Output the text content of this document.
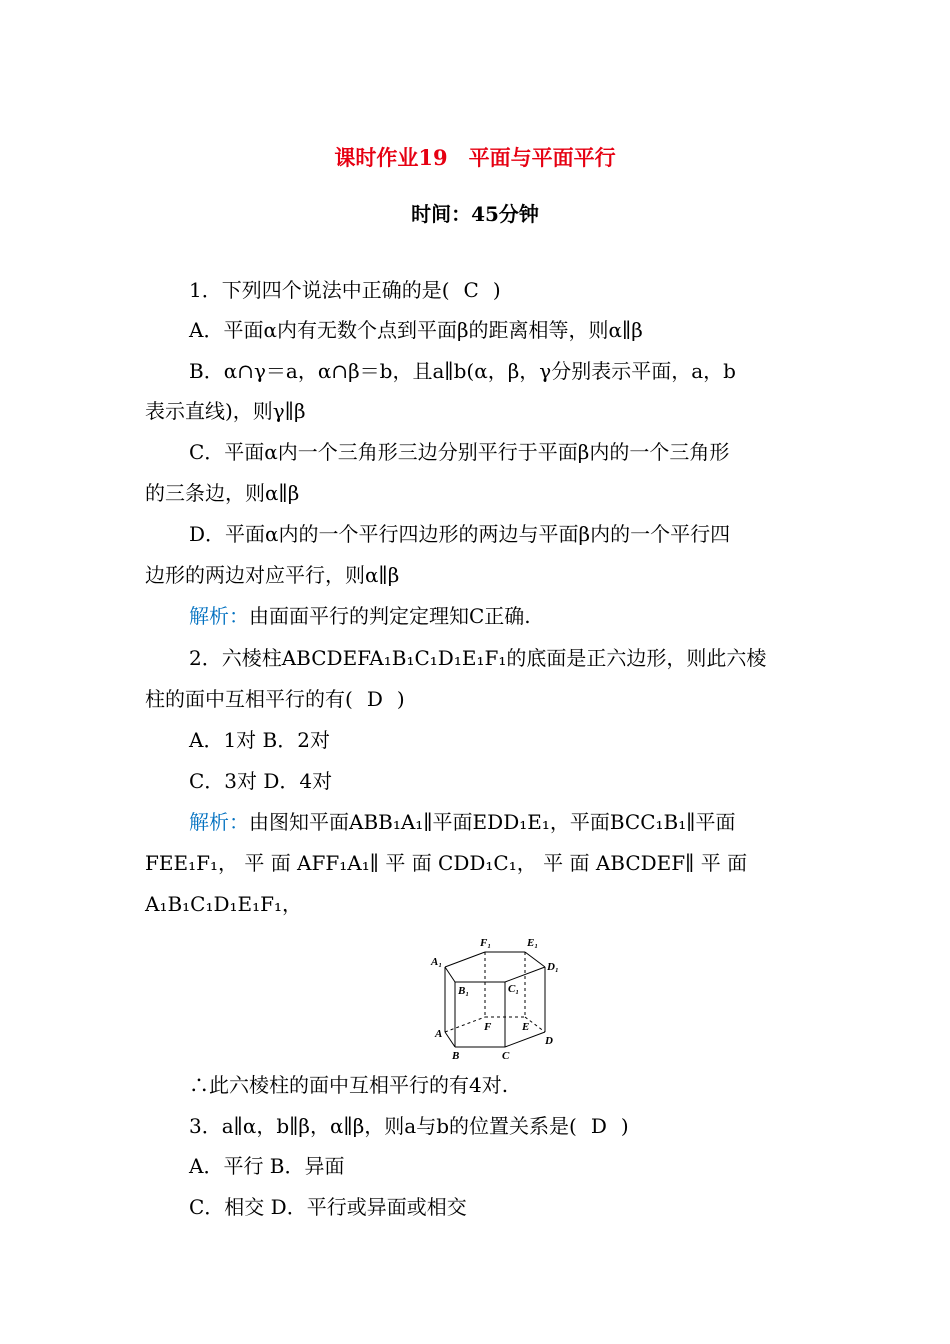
课时作业19　平面与平面平行
时间：45分钟
1．下列四个说法中正确的是( C )
A．平面α内有无数个点到平面β的距离相等，则α∥β
B．α∩γ＝a，α∩β＝b，且a∥b(α，β，γ分别表示平面，a，b
表示直线)，则γ∥β
C．平面α内一个三角形三边分别平行于平面β内的一个三角形
的三条边，则α∥β
D．平面α内的一个平行四边形的两边与平面β内的一个平行四
边形的两边对应平行，则α∥β
解析：由面面平行的判定定理知C正确.
2．六棱柱ABCDEFA₁B₁C₁D₁E₁F₁的底面是正六边形，则此六棱
柱的面中互相平行的有( D )
A．1对 B．2对
C．3对 D．4对
解析：由图知平面ABB₁A₁∥平面EDD₁E₁，平面BCC₁B₁∥平面
FEE₁F₁， 平 面 AFF₁A₁∥ 平 面 CDD₁C₁， 平 面 ABCDEF∥ 平 面
A₁B₁C₁D₁E₁F₁，
F₁	E₁
A₁	D₁
B₁	C₁
A
F	E
B	C
D
∴此六棱柱的面中互相平行的有4对.
3．a∥α，b∥β，α∥β，则a与b的位置关系是( D )
A．平行 B．异面
C．相交 D．平行或异面或相交
